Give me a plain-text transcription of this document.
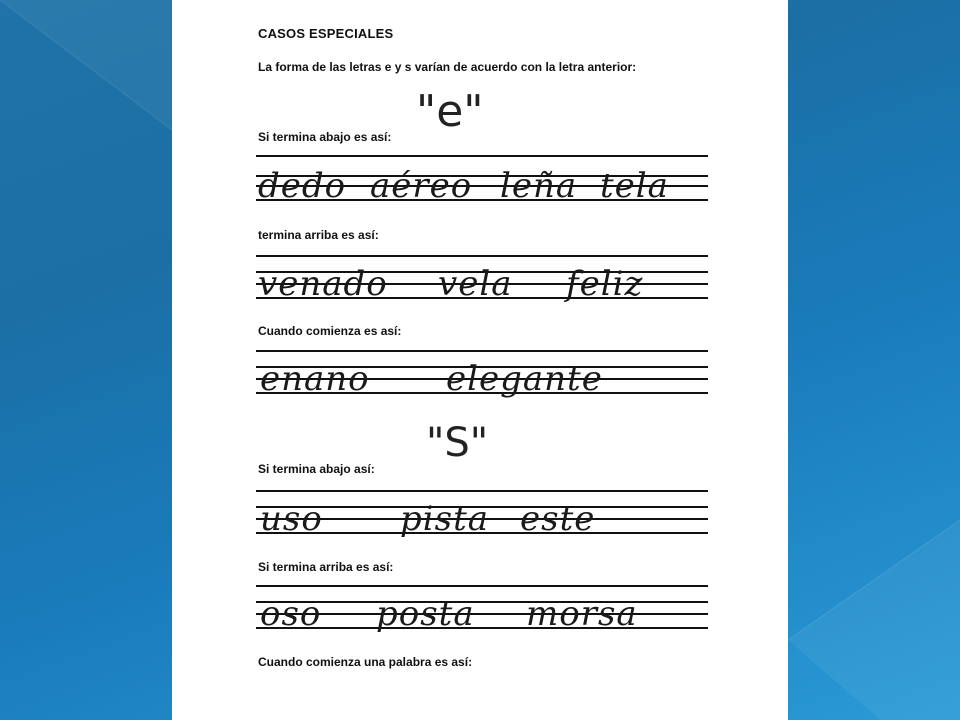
CASOS ESPECIALES
La forma de las letras e y s varían de acuerdo con la letra anterior:
"e"
Si termina abajo es así:
dedo aéreo leña tela
termina arriba es así:
venado vela feliz
Cuando comienza es así:
enano elegante
"S"
Si termina abajo así:
uso pista este
Si termina arriba es así:
oso posta morsa
Cuando comienza una palabra es así:
